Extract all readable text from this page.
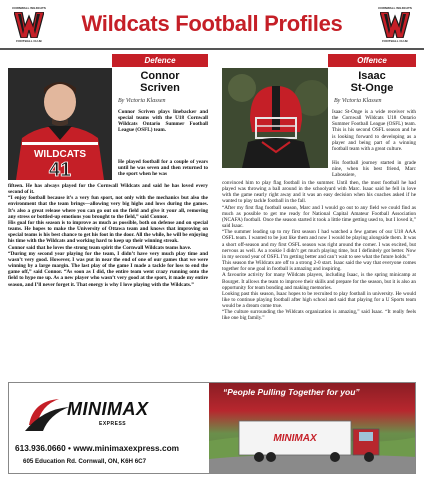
CORNWALL WILDCATS
FOOTBALL CLUB
Wildcats Football Profiles
CORNWALL WILDCATS
FOOTBALL CLUB
Defence	Offence
WILDCATS
41
Connor
Scriven
By Victoria Klassen
Connor Scriven plays linebacker and special teams with the U18 Cornwall Wildcats Ontario Summer Football League (OSFL) team.
He played football for a couple of years until he was seven and then returned to the sport when he was

fifteen. He has always played for the Cornwall Wildcats and said he has loved every second of it.

“I enjoy football because it’s a very fun sport, not only with the mechanics but also the environment that the team brings—allowing very big highs and lows during the games. It’s also a great release where you can go out on the field and give it your all, removing any stress or bottled-up emotions you brought to the field,” said Connor.

His goal for this season is to improve as much as possible, both on defense and on special teams. He hopes to make the University of Ottawa team and knows that improving on special teams is his best chance to get his foot in the door. All the while, he will be enjoying his time with the Wildcats and working hard to keep up their winning streak.

Connor said that he loves the strong team spirit the Cornwall Wildcats teams have.

“During my second year playing for the team, I didn’t have very much play time and wasn’t very good. However, I was put in near the end of one of our games that we were winning by a large margin. The last play of the game I made a tackle for loss to end the game off,” said Connor. “As soon as I did, the entire team went crazy running onto the field to hype me up. As a new player who wasn’t very good at the sport, it made my entire season, and I’ll never forget it. That energy is why I love playing with the Wildcats.”

Isaac
St-Onge
By Victoria Klassen
Isaac St-Onge is a wide receiver with the Cornwall Wildcats U18 Ontario Summer Football League (OSFL) team. This is his second OSFL season and he is looking forward to developing as a player and being part of a winning football team with a great culture.
His football journey started in grade nine, when his best friend, Marc Labossiere,

convinced him to play flag football in the summer. Until then, the most football he had played was throwing a ball around in the schoolyard with Marc. Isaac said he fell in love with the game nearly right away and it was an easy decision when his coaches asked if he wanted to play tackle football in the fall.

“After my first flag football season, Marc and I would go out to any field we could find as much as possible to get me ready for National Capital Amateur Football Association (NCAFA) football. Once the season started it took a little time getting used to, but I loved it,” said Isaac.

“The summer leading up to my first season I had watched a few games of our U18 AAA OSFL team. I wanted to be just like them and now I would be playing alongside them. It was a short off-season and my first OSFL season was right around the corner. I was excited, but nervous as well. As a rookie I didn’t get much playing time, but I definitely got better. Now in my second year of OSFL I’m getting better and can’t wait to see what the future holds.”

This season the Wildcats are off to a strong 2-0 start. Isaac said the way that everyone comes together for one goal in football is amazing and inspiring.

A favourite activity for many Wildcats players, including Isaac, is the spring minicamp at Bourget. It allows the team to improve their skills and prepare for the season, but it is also an opportunity for team bonding and making memories.

Looking past this season, Isaac hopes to be recruited to play football in university. He would like to continue playing football after high school and said that playing for a U Sports team would be a dream come true.

“The culture surrounding the Wildcats organization is amazing,” said Isaac. “It really feels like one big family.”

MINIMAX
EXPRESS
613.936.0660 • www.minimaxexpress.com
605 Education Rd. Cornwall, ON, K6H 6C7
“People Pulling Together for you”
MINIMAX
